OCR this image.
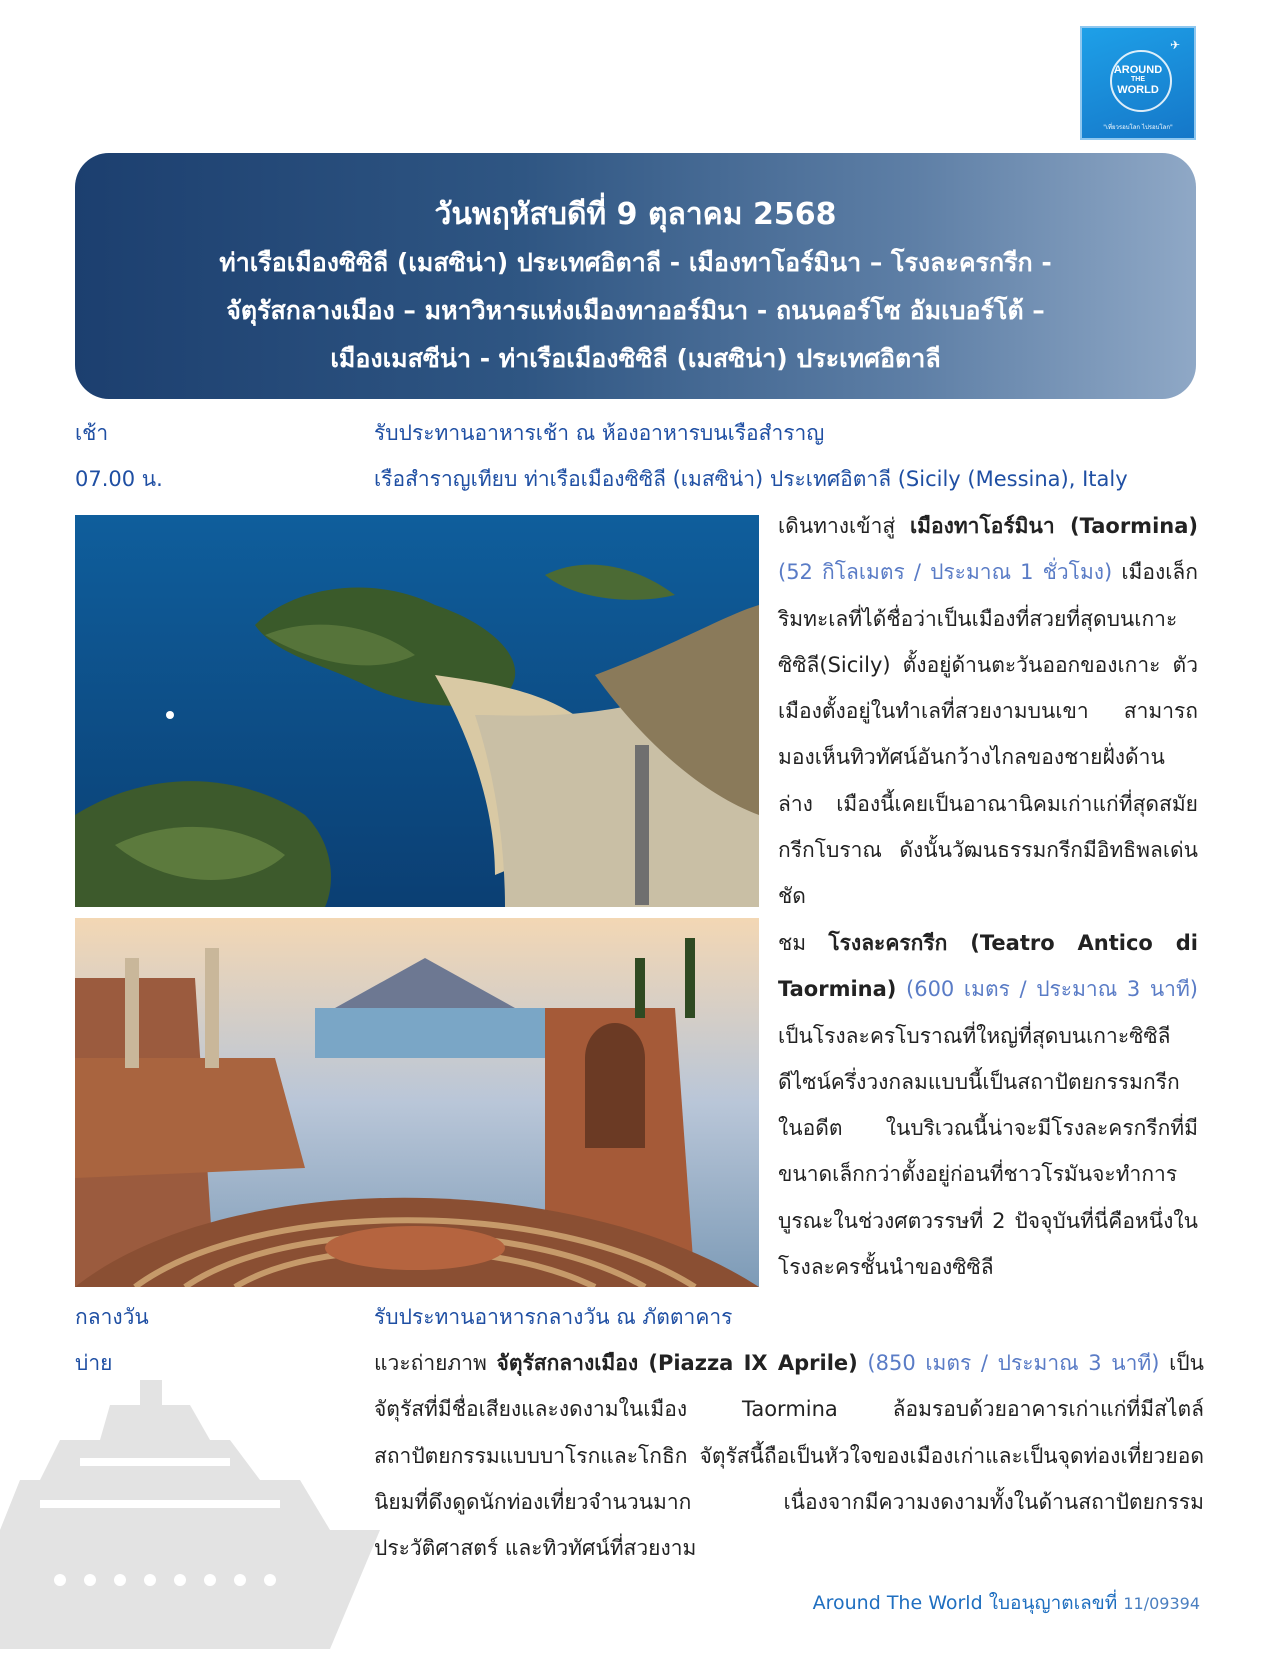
✈
AROUND
THE
WORLD
"เที่ยวรอบโลก ไปรอบโลก"
วันพฤหัสบดีที่ 9 ตุลาคม 2568
ท่าเรือเมืองซิซิลี (เมสซิน่า) ประเทศอิตาลี - เมืองทาโอร์มินา – โรงละครกรีก -
จัตุรัสกลางเมือง – มหาวิหารแห่งเมืองทาออร์มินา - ถนนคอร์โซ อัมเบอร์โต้ –
เมืองเมสซีน่า - ท่าเรือเมืองซิซิลี (เมสซิน่า) ประเทศอิตาลี
เช้า	รับประทานอาหารเช้า ณ ห้องอาหารบนเรือสำราญ
07.00 น.	เรือสำราญเทียบ ท่าเรือเมืองซิซิลี (เมสซิน่า) ประเทศอิตาลี (Sicily (Messina), Italy
เดินทางเข้าสู่ เมืองทาโอร์มินา (Taormina) (52 กิโลเมตร / ประมาณ 1 ชั่วโมง) เมืองเล็กริมทะเลที่ได้ชื่อว่าเป็นเมืองที่สวยที่สุดบนเกาะซิซิลี(Sicily) ตั้งอยู่ด้านตะวันออกของเกาะ ตัวเมืองตั้งอยู่ในทำเลที่สวยงามบนเขา สามารถมองเห็นทิวทัศน์อันกว้างไกลของชายฝั่งด้านล่าง เมืองนี้เคยเป็นอาณานิคมเก่าแก่ที่สุดสมัยกรีกโบราณ ดังนั้นวัฒนธรรมกรีกมีอิทธิพลเด่นชัด
ชม โรงละครกรีก (Teatro Antico di Taormina) (600 เมตร / ประมาณ 3 นาที) เป็นโรงละครโบราณที่ใหญ่ที่สุดบนเกาะซิซิลี ดีไซน์ครึ่งวงกลมแบบนี้เป็นสถาปัตยกรรมกรีก ในอดีต ในบริเวณนี้น่าจะมีโรงละครกรีกที่มีขนาดเล็กกว่าตั้งอยู่ก่อนที่ชาวโรมันจะทำการบูรณะในช่วงศตวรรษที่ 2 ปัจจุบันที่นี่คือหนึ่งในโรงละครชั้นนำของซิซิลี
กลางวัน	รับประทานอาหารกลางวัน ณ ภัตตาคาร
บ่าย	แวะถ่ายภาพ จัตุรัสกลางเมือง (Piazza IX Aprile) (850 เมตร / ประมาณ 3 นาที) เป็นจัตุรัสที่มีชื่อเสียงและงดงามในเมือง Taormina ล้อมรอบด้วยอาคารเก่าแก่ที่มีสไตล์สถาปัตยกรรมแบบบาโรกและโกธิก จัตุรัสนี้ถือเป็นหัวใจของเมืองเก่าและเป็นจุดท่องเที่ยวยอดนิยมที่ดึงดูดนักท่องเที่ยวจำนวนมาก เนื่องจากมีความงดงามทั้งในด้านสถาปัตยกรรม ประวัติศาสตร์ และทิวทัศน์ที่สวยงาม
Around The World ใบอนุญาตเลขที่ 11/09394
